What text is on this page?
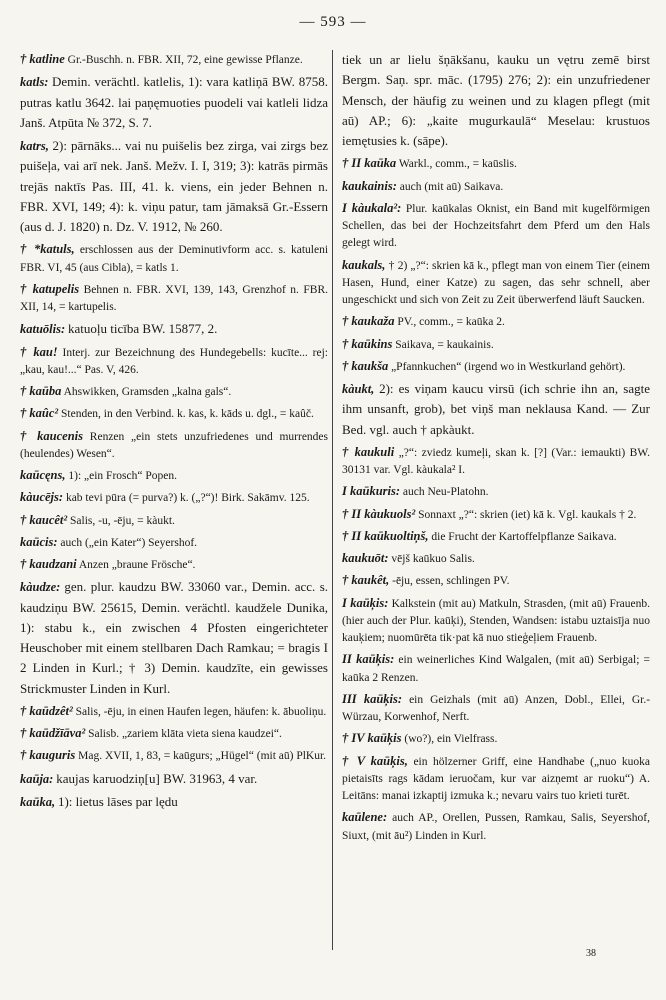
— 593 —

† katline Gr.-Buschh. n. FBR. XII, 72, eine gewisse Pflanze.

katls: Demin. verächtl. katlelis, 1): vara katliņā BW. 8758. putras katlu 3642. lai paņęmuoties puodeli vai katleli lidza Janš. Atpūta № 372, S. 7.

katrs, 2): pārnāks... vai nu puišelis bez zirga, vai zirgs bez puišeļa, vai arī nek. Janš. Mežv. I. I, 319; 3): katrās pirmās trejās naktīs Pas. III, 41. k. viens, ein jeder Behnen n. FBR. XVI, 149; 4): k. viņu patur, tam jāmaksā Gr.-Essern (aus d. J. 1820) n. Dz. V. 1912, № 260.

† *katuls, erschlossen aus der Deminutivform acc. s. katuleni FBR. VI, 45 (aus Cibla), = katls 1.

† katupelis Behnen n. FBR. XVI, 139, 143, Grenzhof n. FBR. XII, 14, = kartupelis.

katuōlis: katuoļu ticība BW. 15877, 2.

† kau! Interj. zur Bezeichnung des Hundegebells: kucīte... rej: „kau, kau!...“ Pas. V, 426.

† kaūba Ahswikken, Gramsden „kalna gals“.

† kaûc² Stenden, in den Verbind. k. kas, k. kāds u. dgl., = kaûč.

† kaucenis Renzen „ein stets unzufriedenes und murrendes (heulendes) Wesen“.

kaūcęns, 1): „ein Frosch“ Popen.

kàucējs: kab tevi pūra (= purva?) k. („?“)! Birk. Sakāmv. 125.

† kaucêt² Salis, -u, -ēju, = kàukt.

kaūcis: auch („ein Kater“) Seyershof.

† kaudzani Anzen „braune Frösche“.

kàudze: gen. plur. kaudzu BW. 33060 var., Demin. acc. s. kaudziņu BW. 25615, Demin. verächtl. kaudžele Dunika, 1): stabu k., ein zwischen 4 Pfosten eingerichteter Heuschober mit einem stellbaren Dach Ramkau; = bragis I 2 Linden in Kurl.; † 3) Demin. kaudzīte, ein gewisses Strickmuster Linden in Kurl.

† kaūdzêt² Salis, -ēju, in einen Haufen legen, häufen: k. ābuoliņu.

† kaūdžīāva² Salisb. „zariem klāta vieta siena kaudzei“.

† kauguris Mag. XVII, 1, 83, = kaūgurs; „Hügel“ (mit aū) PlKur.

kaūja: kaujas karuodziņ[u] BW. 31963, 4 var.

kaūka, 1): lietus lāses par lędu

tiek un ar lielu šņākšanu, kauku un vętru zemē birst Bergm. Saņ. spr. māc. (1795) 276; 2): ein unzufriedener Mensch, der häufig zu weinen und zu klagen pflegt (mit aū) AP.; 6): „kaite mugurkaulā“ Meselau: krustuos iemętusies k. (sāpe).

† II kaūka Warkl., comm., = kaūslis.

kaukainis: auch (mit aū) Saikava.

I kàukala²: Plur. kaūkalas Oknist, ein Band mit kugelförmigen Schellen, das bei der Hochzeitsfahrt dem Pferd um den Hals gelegt wird.

kaukals, † 2) „?“: skrien kā k., pflegt man von einem Tier (einem Hasen, Hund, einer Katze) zu sagen, das sehr schnell, aber ungeschickt und sich von Zeit zu Zeit überwerfend läuft Saucken.

† kaukaža PV., comm., = kaūka 2.

† kaūkins Saikava, = kaukainis.

† kaukša „Pfannkuchen“ (irgend wo in Westkurland gehört).

kàukt, 2): es viņam kaucu virsū (ich schrie ihn an, sagte ihm unsanft, grob), bet viņš man neklausa Kand. — Zur Bed. vgl. auch † apkàukt.

† kaukuli „?“: zviedz kumeļi, skan k. [?] (Var.: iemaukti) BW. 30131 var. Vgl. kàukala² I.

I kaūkuris: auch Neu-Platohn.

† II kàukuols² Sonnaxt „?“: skrien (iet) kā k. Vgl. kaukals † 2.

† II kaūkuoltiņš, die Frucht der Kartoffelpflanze Saikava.

kaukuōt: vējš kaūkuo Salis.

† kaukêt, -ēju, essen, schlingen PV.

I kaūķis: Kalkstein (mit au) Matkuln, Strasden, (mit aū) Frauenb. (hier auch der Plur. kaūķi), Stenden, Wandsen: istabu uztaisīja nuo kauķiem; nuomūrēta tik·pat kā nuo stieģeļiem Frauenb.

II kaūķis: ein weinerliches Kind Walgalen, (mit aū) Serbigal; = kaūka 2 Renzen.

III kaūķis: ein Geizhals (mit aū) Anzen, Dobl., Ellei, Gr.-Würzau, Korwenhof, Nerft.

† IV kaūķis (wo?), ein Vielfrass.

† V kaūķis, ein hölzerner Griff, eine Handhabe („nuo kuoka pietaisīts rags kādam ieruočam, kur var aizņemt ar ruoku“) A. Leitāns: manai izkaptij izmuka k.; nevaru vairs tuo krieti turēt.

kaūlene: auch AP., Orellen, Pussen, Ramkau, Salis, Seyershof, Siuxt, (mit āu²) Linden in Kurl.

38
